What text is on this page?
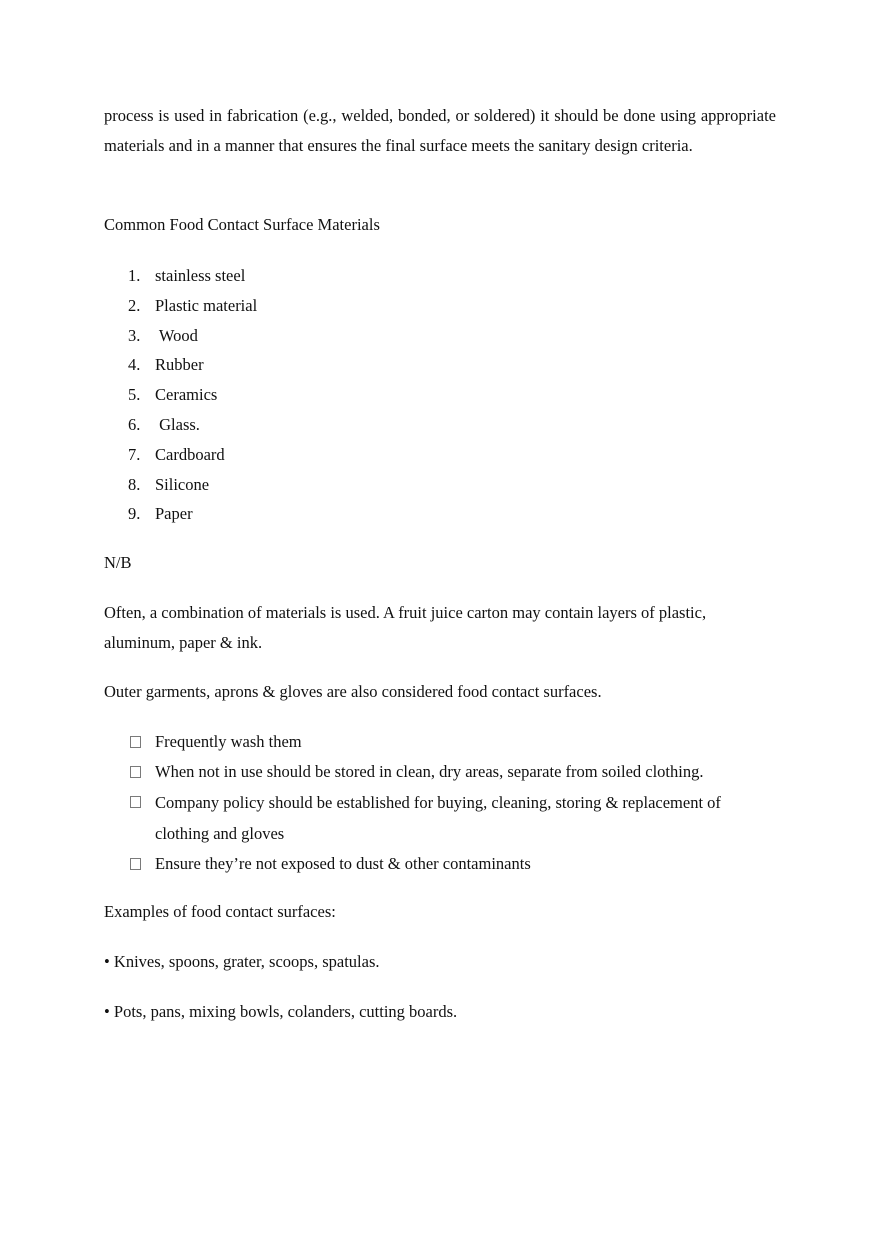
process is used in fabrication (e.g., welded, bonded, or soldered) it should be done using appropriate materials and in a manner that ensures the final surface meets the sanitary design criteria.

Common Food Contact Surface Materials
1. stainless steel
2. Plastic material
3. Wood
4. Rubber
5. Ceramics
6. Glass.
7. Cardboard
8. Silicone
9. Paper
N/B
Often, a combination of materials is used. A fruit juice carton may contain layers of plastic,
aluminum, paper & ink.
Outer garments, aprons & gloves are also considered food contact surfaces.
Frequently wash them
When not in use should be stored in clean, dry areas, separate from soiled clothing.
Company policy should be established for buying, cleaning, storing & replacement of clothing and gloves
Ensure they’re not exposed to dust & other contaminants
Examples of food contact surfaces:
• Knives, spoons, grater, scoops, spatulas.
• Pots, pans, mixing bowls, colanders, cutting boards.
